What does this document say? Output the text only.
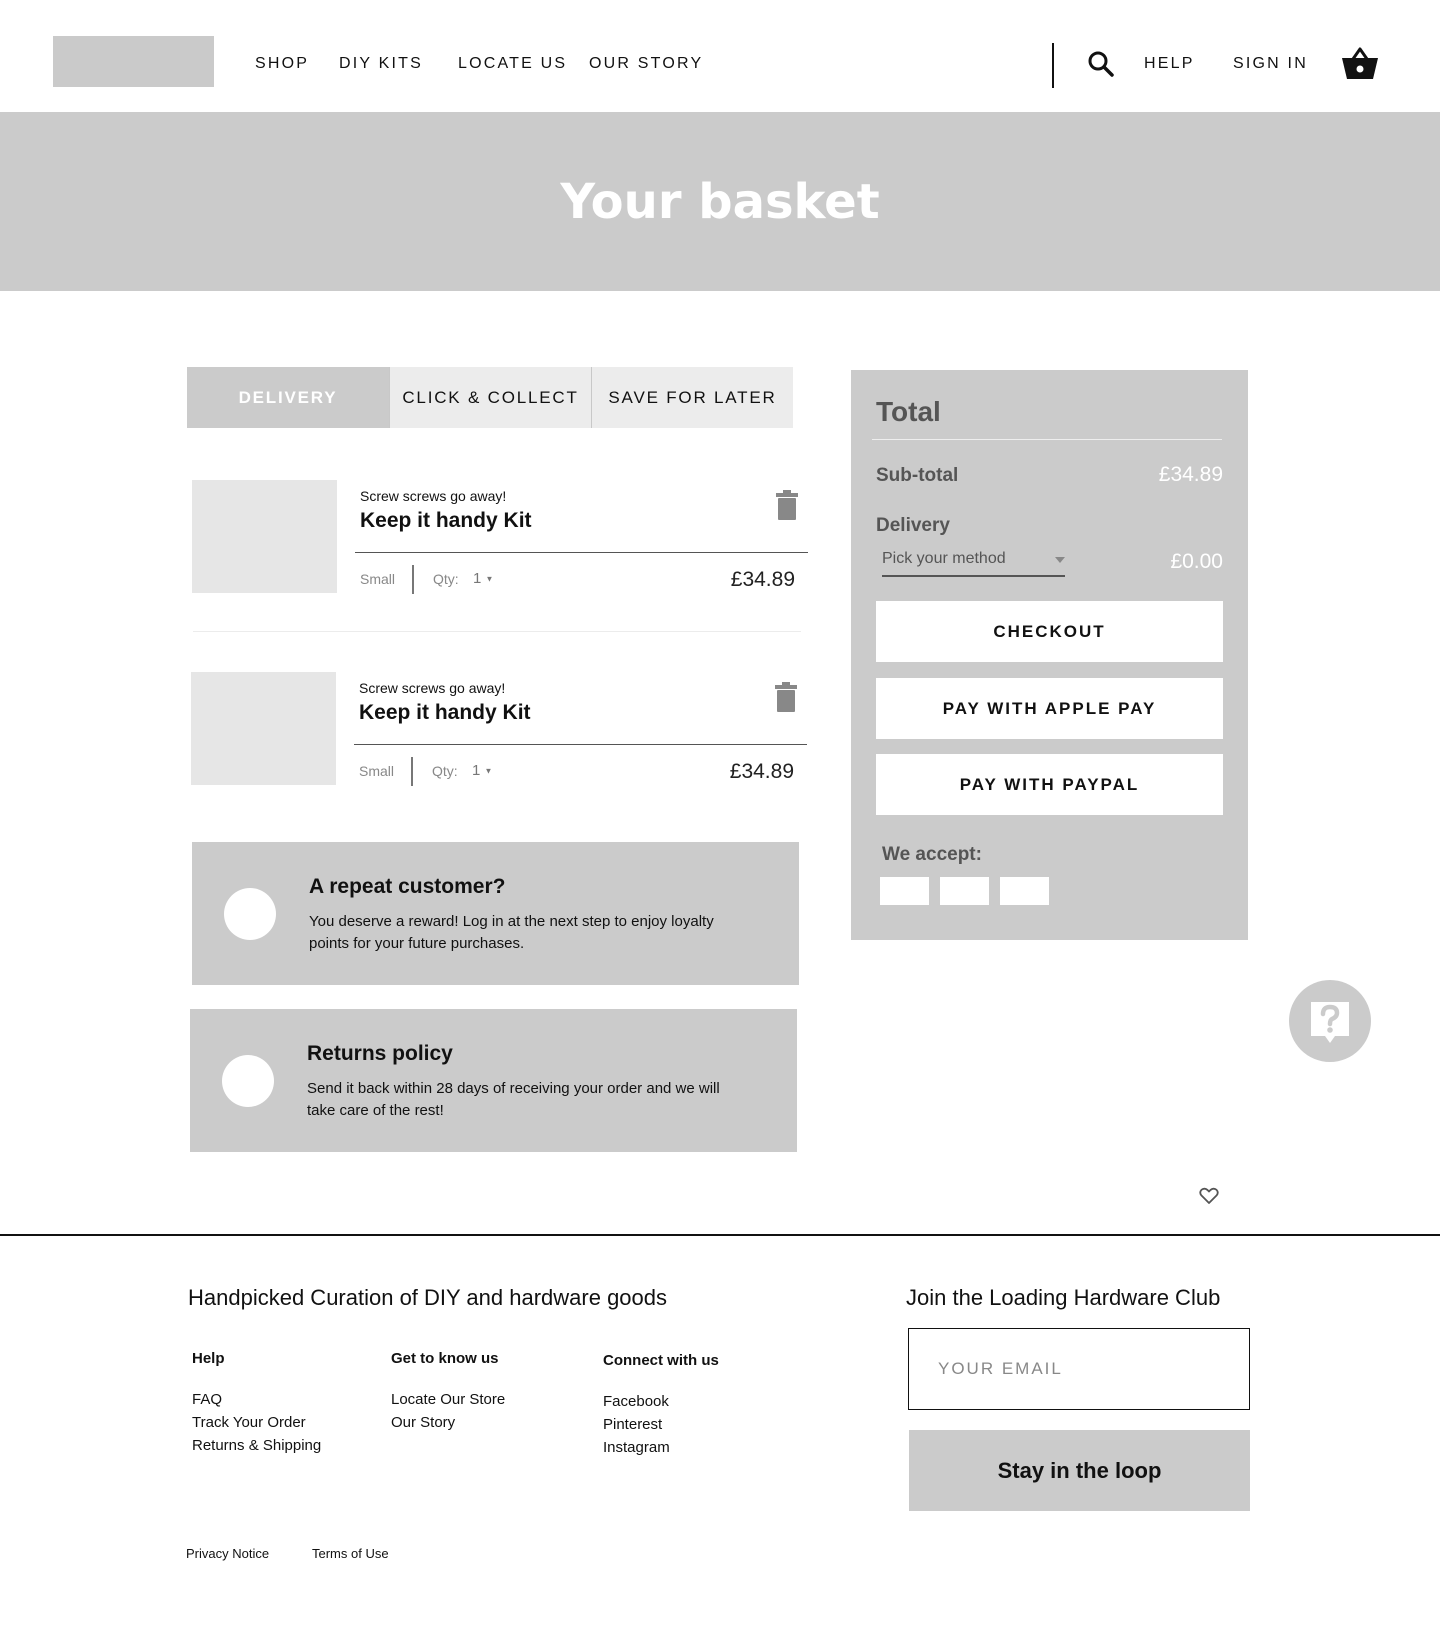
SHOP DIY KITS LOCATE US OUR STORY	HELP SIGN IN
Your basket
DELIVERY	CLICK & COLLECT	SAVE FOR LATER
Screw screws go away!
Keep it handy Kit
Small	Qty: 1 ▼	£34.89
Screw screws go away!
Keep it handy Kit
Small	Qty: 1 ▼	£34.89
A repeat customer?
You deserve a reward! Log in at the next step to enjoy loyalty points for your future purchases.
Returns policy
Send it back within 28 days of receiving your order and we will take care of the rest!
Total
Sub-total	£34.89
Delivery
Pick your method	£0.00
CHECKOUT
PAY WITH APPLE PAY
PAY WITH PAYPAL
We accept:
Handpicked Curation of DIY and hardware goods
Help
FAQ
Track Your Order
Returns & Shipping
Get to know us
Locate Our Store
Our Story
Connect with us
Facebook
Pinterest
Instagram
Join the Loading Hardware Club
YOUR EMAIL
Stay in the loop
Privacy Notice	Terms of Use
